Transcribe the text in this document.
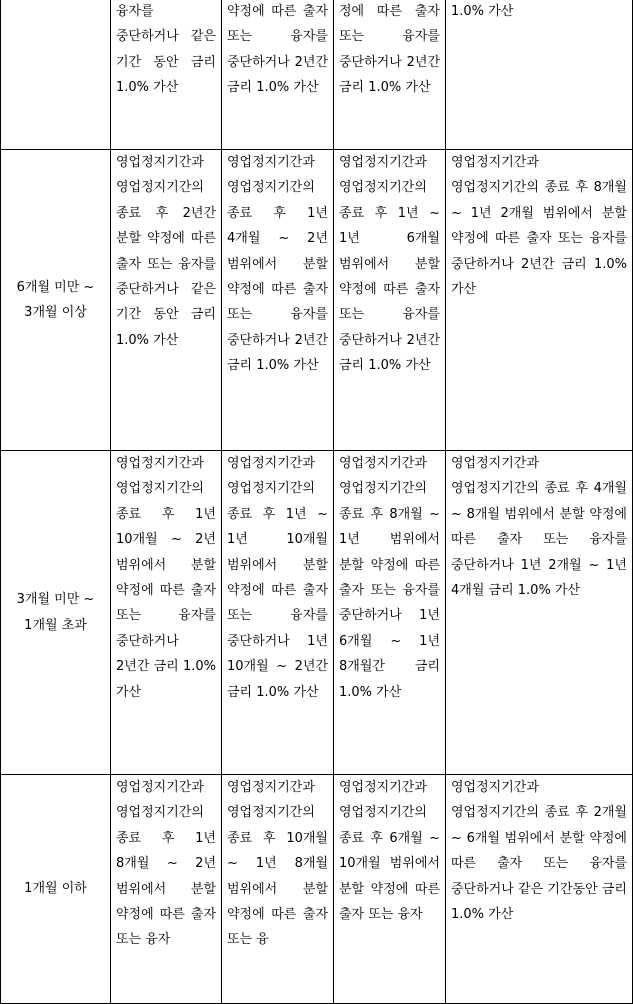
	융자를 중단하거나 같은 기간 동안 금리 1.0% 가산	약정에 따른 출자 또는 융자를 중단하거나 2년간 금리 1.0% 가산	정에 따른 출자 또는 융자를 중단하거나 2년간 금리 1.0% 가산	1.0% 가산

6개월 미만 ~ 3개월 이상	영업정지기간과 영업정지기간의 종료 후 2년간 분할 약정에 따른 출자 또는 융자를 중단하거나 같은 기간 동안 금리 1.0% 가산	영업정지기간과 영업정지기간의 종료 후 1년 4개월 ~ 2년 범위에서 분할 약정에 따른 출자 또는 융자를 중단하거나 2년간 금리 1.0% 가산	영업정지기간과 영업정지기간의 종료 후 1년 ~ 1년 6개월 범위에서 분할 약정에 따른 출자 또는 융자를 중단하거나 2년간 금리 1.0% 가산	영업정지기간과 영업정지기간의 종료 후 8개월 ~ 1년 2개월 범위에서 분할 약정에 따른 출자 또는 융자를 중단하거나 2년간 금리 1.0% 가산

3개월 미만 ~ 1개월 초과	영업정지기간과 영업정지기간의 종료 후 1년 10개월 ~ 2년 범위에서 분할 약정에 따른 출자 또는 융자를 중단하거나 2년간 금리 1.0% 가산	영업정지기간과 영업정지기간의 종료 후 1년 ~ 1년 10개월 범위에서 분할 약정에 따른 출자 또는 융자를 중단하거나 1년 10개월 ~ 2년간 금리 1.0% 가산	영업정지기간과 영업정지기간의 종료 후 8개월 ~ 1년 범위에서 분할 약정에 따른 출자 또는 융자를 중단하거나 1년 6개월 ~ 1년 8개월간 금리 1.0% 가산	영업정지기간과 영업정지기간의 종료 후 4개월~ 8개월 범위에서 분할 약정에 따른 출자 또는 융자를 중단하거나 1년 2개월 ~ 1년 4개월 금리 1.0% 가산

1개월 이하	영업정지기간과 영업정지기간의 종료 후 1년 8개월 ~ 2년 범위에서 분할 약정에 따른 출자 또는 융자	영업정지기간과 영업정지기간의 종료 후 10개월 ~ 1년 8개월 범위에서 분할 약정에 따른 출자 또는 융	영업정지기간과 영업정지기간의 종료 후 6개월 ~ 10개월 범위에서 분할 약정에 따른 출자 또는 융자	영업정지기간과 영업정지기간의 종료 후 2개월 ~ 6개월 범위에서 분할 약정에 따른 출자 또는 융자를 중단하거나 같은 기간동안 금리 1.0% 가산
